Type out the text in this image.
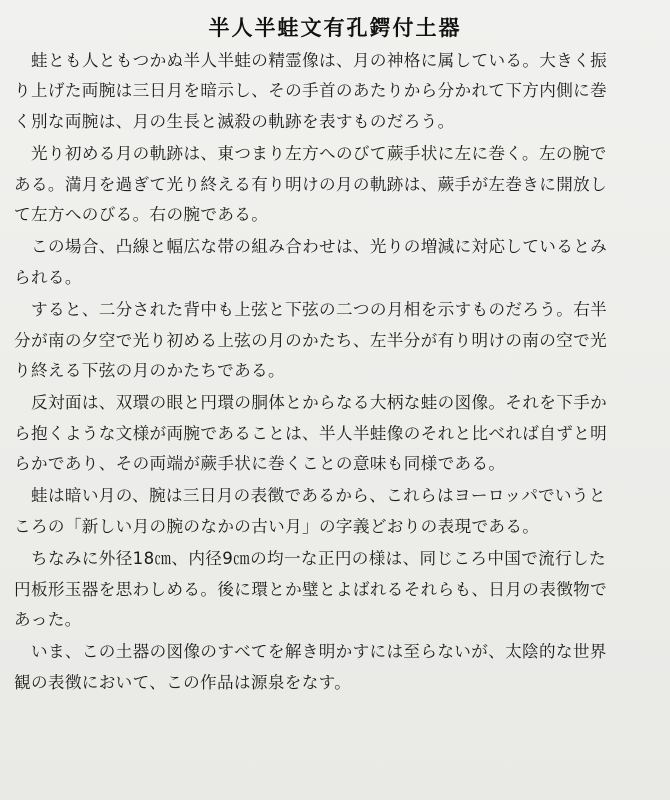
半人半蛙文有孔鍔付土器
蛙とも人ともつかぬ半人半蛙の精霊像は、月の神格に属している。大きく振
り上げた両腕は三日月を暗示し、その手首のあたりから分かれて下方内側に巻
く別な両腕は、月の生長と滅殺の軌跡を表すものだろう。
光り初める月の軌跡は、東つまり左方へのびて蕨手状に左に巻く。左の腕で
ある。満月を過ぎて光り終える有り明けの月の軌跡は、蕨手が左巻きに開放し
て左方へのびる。右の腕である。
この場合、凸線と幅広な帯の組み合わせは、光りの増減に対応しているとみ
られる。
すると、二分された背中も上弦と下弦の二つの月相を示すものだろう。右半
分が南の夕空で光り初める上弦の月のかたち、左半分が有り明けの南の空で光
り終える下弦の月のかたちである。
反対面は、双環の眼と円環の胴体とからなる大柄な蛙の図像。それを下手か
ら抱くような文様が両腕であることは、半人半蛙像のそれと比べれば自ずと明
らかであり、その両端が蕨手状に巻くことの意味も同様である。
蛙は暗い月の、腕は三日月の表徴であるから、これらはヨーロッパでいうと
ころの「新しい月の腕のなかの古い月」の字義どおりの表現である。
ちなみに外径18㎝、内径9㎝の均一な正円の様は、同じころ中国で流行した
円板形玉器を思わしめる。後に環とか璧とよばれるそれらも、日月の表徴物で
あった。
いま、この土器の図像のすべてを解き明かすには至らないが、太陰的な世界
観の表徴において、この作品は源泉をなす。
